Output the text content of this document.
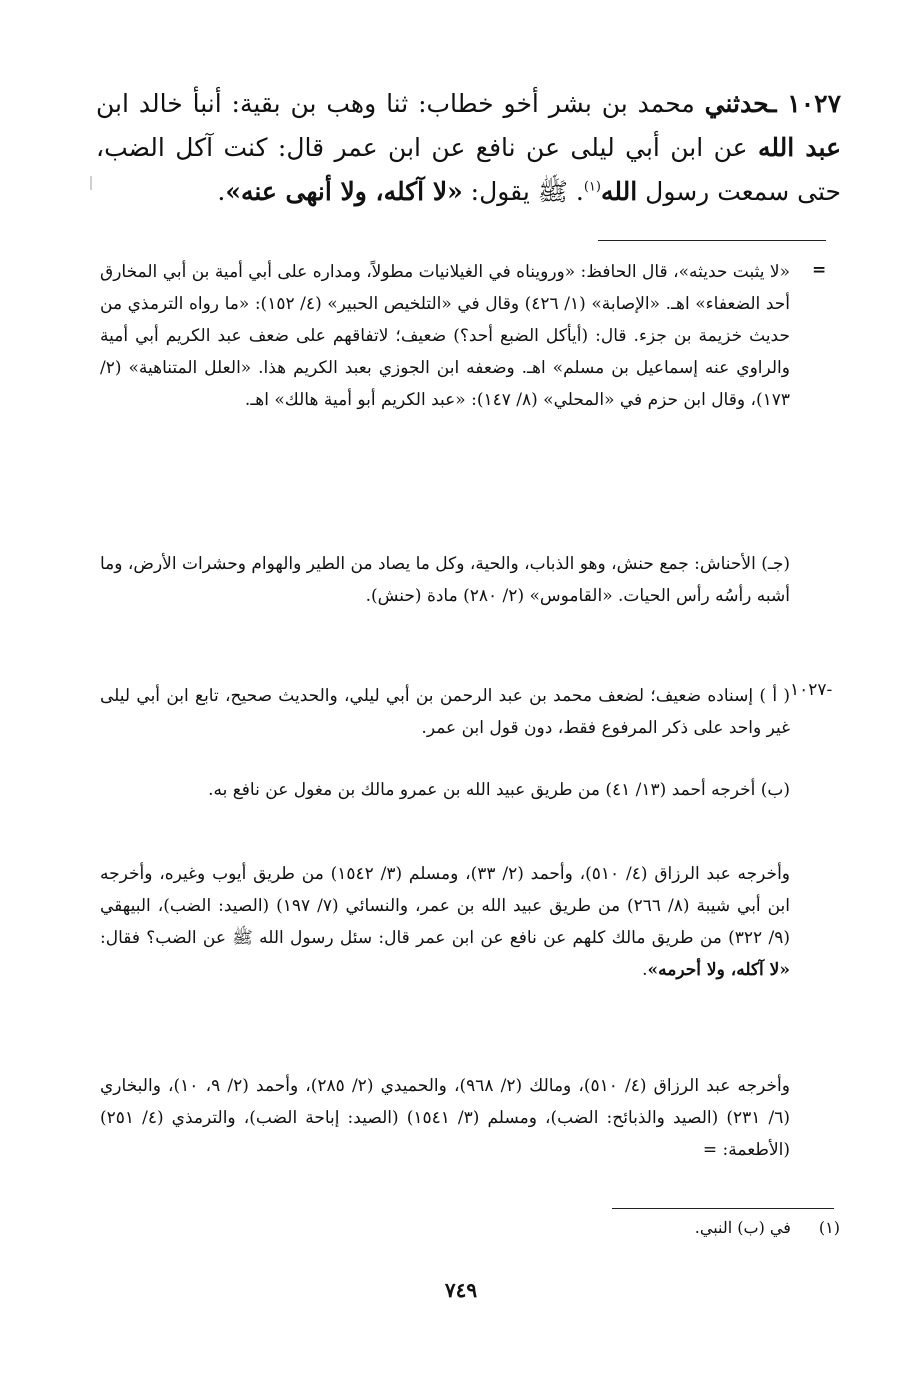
١٠٢٧ ـحدثني محمد بن بشر أخو خطاب: ثنا وهب بن بقية: أنبأ خالد ابن عبد الله عن ابن أبي ليلى عن نافع عن ابن عمر قال: كنت آكل الضب، حتى سمعت رسول الله$^{(١)}$. ﷺ يقول: «لا آكله، ولا أنهى عنه».
=
«لا يثبت حديثه»، قال الحافظ: «ورويناه في الغيلانيات مطولاً، ومداره على أبي أمية بن أبي المخارق أحد الضعفاء» اهـ. «الإصابة» (١/ ٤٢٦) وقال في «التلخيص الحبير» (٤/ ١٥٢): «ما رواه الترمذي من حديث خزيمة بن جزء. قال: (أيأكل الضبع أحد؟) ضعيف؛ لاتفاقهم على ضعف عبد الكريم أبي أمية والراوي عنه إسماعيل بن مسلم» اهـ. وضعفه ابن الجوزي بعبد الكريم هذا. «العلل المتناهية» (٢/ ١٧٣)، وقال ابن حزم في «المحلي» (٨/ ١٤٧): «عبد الكريم أبو أمية هالك» اهـ.
(جـ) الأحناش: جمع حنش، وهو الذباب، والحية، وكل ما يصاد من الطير والهوام وحشرات الأرض، وما أشبه رأسُه رأس الحيات. «القاموس» (٢/ ٢٨٠) مادة (حنش).
١٠٢٧-
( أ ) إسناده ضعيف؛ لضعف محمد بن عبد الرحمن بن أبي ليلي، والحديث صحيح، تابع ابن أبي ليلى غير واحد على ذكر المرفوع فقط، دون قول ابن عمر.
(ب) أخرجه أحمد (١٣/ ٤١) من طريق عبيد الله بن عمرو مالك بن مغول عن نافع به.
وأخرجه عبد الرزاق (٤/ ٥١٠)، وأحمد (٢/ ٣٣)، ومسلم (٣/ ١٥٤٢) من طريق أيوب وغيره، وأخرجه ابن أبي شيبة (٨/ ٢٦٦) من طريق عبيد الله بن عمر، والنسائي (٧/ ١٩٧) (الصيد: الضب)، البيهقي (٩/ ٣٢٢) من طريق مالك كلهم عن نافع عن ابن عمر قال: سئل رسول الله ﷺ عن الضب؟ فقال: «لا آكله، ولا أحرمه».
وأخرجه عبد الرزاق (٤/ ٥١٠)، ومالك (٢/ ٩٦٨)، والحميدي (٢/ ٢٨٥)، وأحمد (٢/ ٩، ١٠)، والبخاري (٦/ ٢٣١) (الصيد والذبائح: الضب)، ومسلم (٣/ ١٥٤١) (الصيد: إباحة الضب)، والترمذي (٤/ ٢٥١) (الأطعمة: =
(١)
في (ب) النبي.
٧٤٩
